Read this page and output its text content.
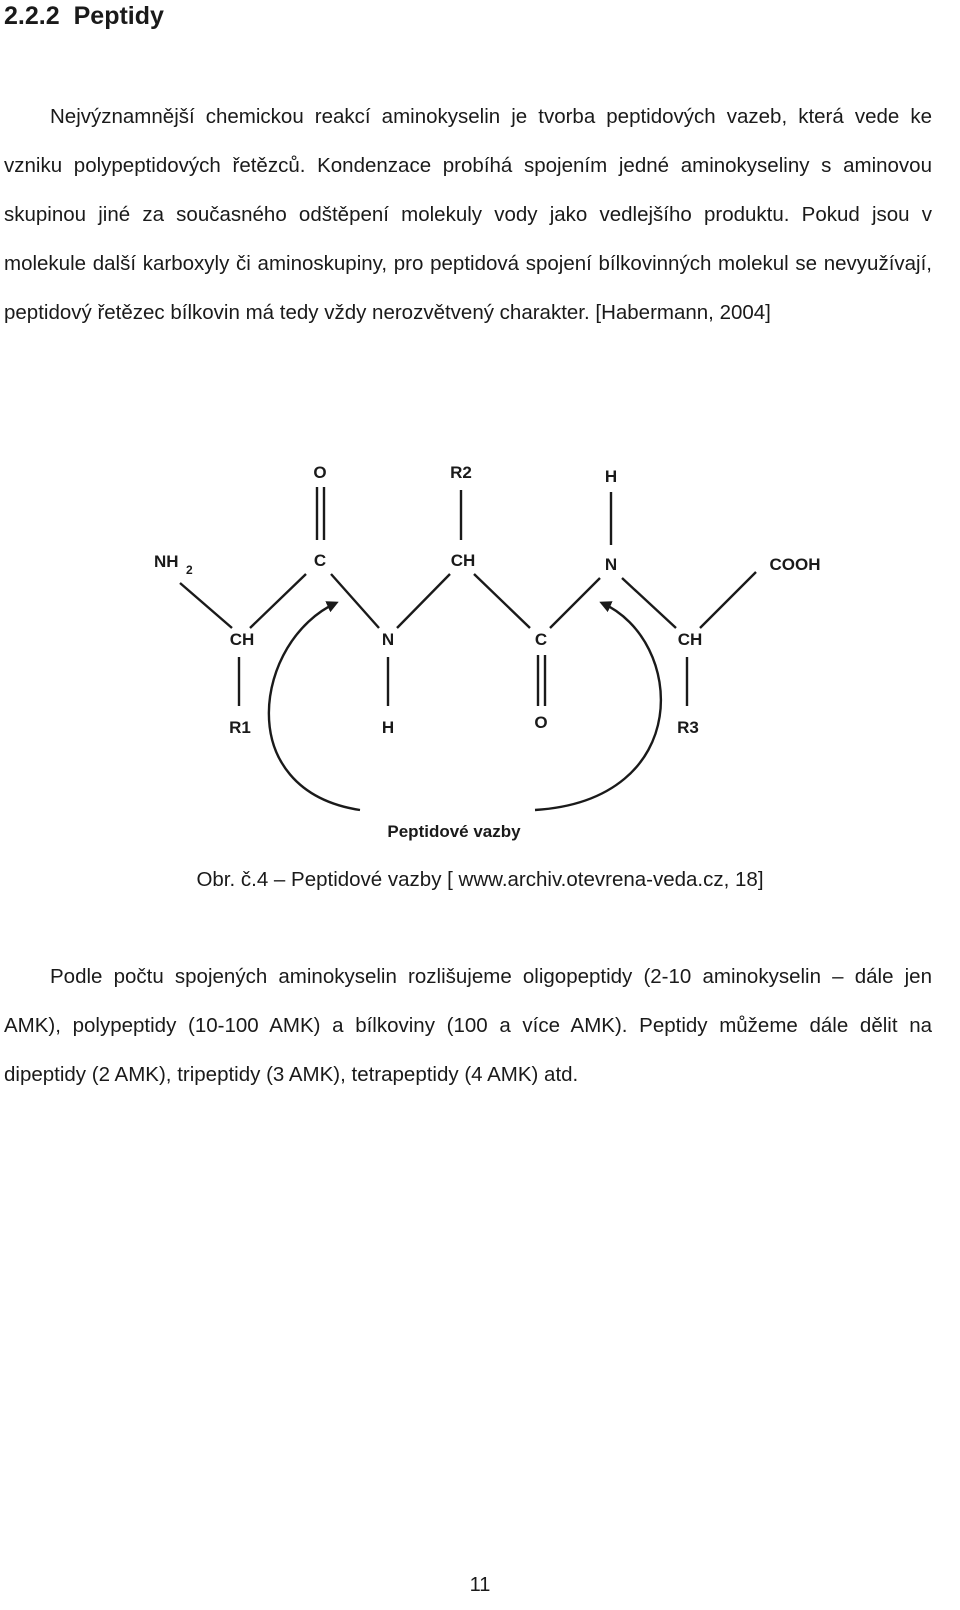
2.2.2 Peptidy
Nejvýznamnější chemickou reakcí aminokyselin je tvorba peptidových vazeb, která vede ke vzniku polypeptidových řetězců. Kondenzace probíhá spojením jedné aminokyseliny s aminovou skupinou jiné za současného odštěpení molekuly vody jako vedlejšího produktu. Pokud jsou v molekule další karboxyly či aminoskupiny, pro peptidová spojení bílkovinných molekul se nevyužívají, peptidový řetězec bílkovin má tedy vždy nerozvětvený charakter. [Habermann, 2004]
O	R2	H
NH 2	C	CH	N	COOH
CH	N	C	CH
R1	H	O	R3
Peptidové vazby
Obr. č.4 – Peptidové vazby [ www.archiv.otevrena-veda.cz, 18]
Podle počtu spojených aminokyselin rozlišujeme oligopeptidy (2-10 aminokyselin – dále jen AMK), polypeptidy (10-100 AMK) a bílkoviny (100 a více AMK). Peptidy můžeme dále dělit na dipeptidy (2 AMK), tripeptidy (3 AMK), tetrapeptidy (4 AMK) atd.
11
